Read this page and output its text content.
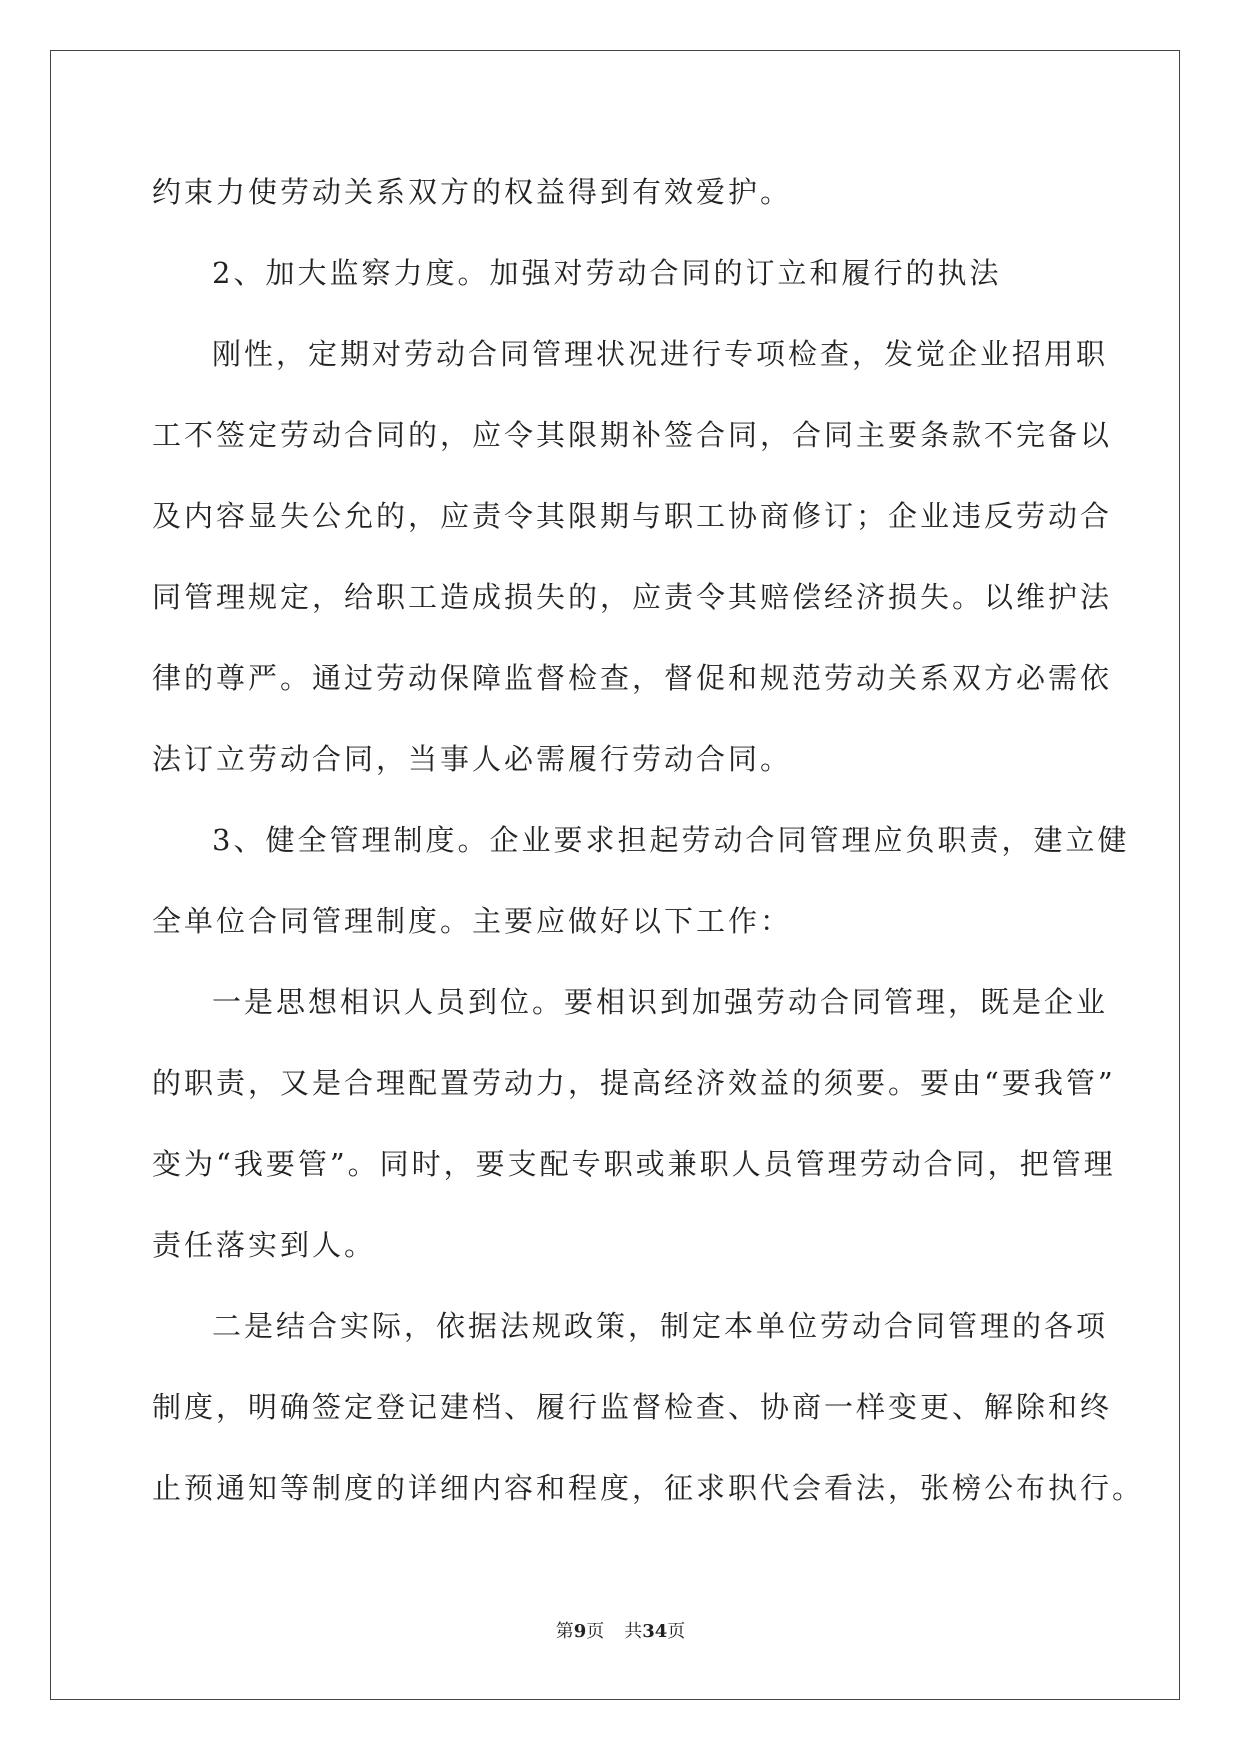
约束力使劳动关系双方的权益得到有效爱护。

2、加大监察力度。加强对劳动合同的订立和履行的执法

刚性，定期对劳动合同管理状况进行专项检查，发觉企业招用职

工不签定劳动合同的，应令其限期补签合同，合同主要条款不完备以

及内容显失公允的，应责令其限期与职工协商修订；企业违反劳动合

同管理规定，给职工造成损失的，应责令其赔偿经济损失。以维护法

律的尊严。通过劳动保障监督检查，督促和规范劳动关系双方必需依

法订立劳动合同，当事人必需履行劳动合同。

3、健全管理制度。企业要求担起劳动合同管理应负职责，建立健

全单位合同管理制度。主要应做好以下工作：

一是思想相识人员到位。要相识到加强劳动合同管理，既是企业

的职责，又是合理配置劳动力，提高经济效益的须要。要由“要我管”

变为“我要管”。同时，要支配专职或兼职人员管理劳动合同，把管理

责任落实到人。

二是结合实际，依据法规政策，制定本单位劳动合同管理的各项

制度，明确签定登记建档、履行监督检查、协商一样变更、解除和终

止预通知等制度的详细内容和程度，征求职代会看法，张榜公布执行。

第9页 共34页
